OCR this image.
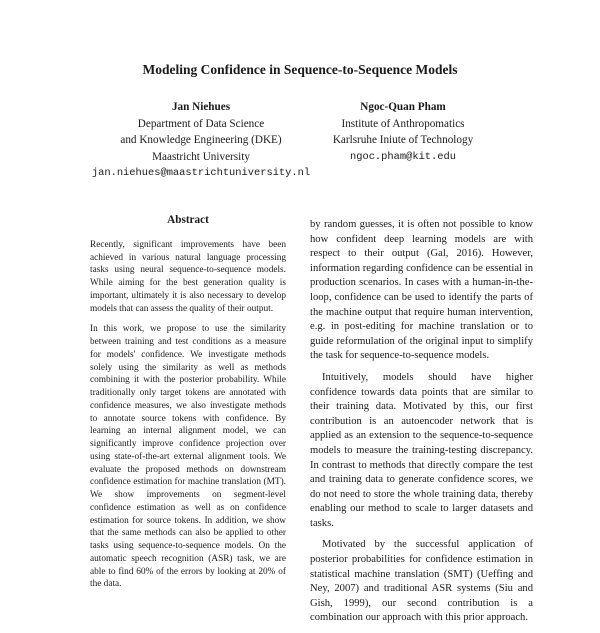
Modeling Confidence in Sequence-to-Sequence Models
Jan Niehues
Department of Data Science
and Knowledge Engineering (DKE)
Maastricht University
jan.niehues@maastrichtuniversity.nl
Ngoc-Quan Pham
Institute of Anthropomatics
Karlsruhe Iniute of Technology
ngoc.pham@kit.edu
Abstract

Recently, significant improvements have been achieved in various natural language processing tasks using neural sequence-to-sequence models. While aiming for the best generation quality is important, ultimately it is also necessary to develop models that can assess the quality of their output.

In this work, we propose to use the similarity between training and test conditions as a measure for models' confidence. We investigate methods solely using the similarity as well as methods combining it with the posterior probability. While traditionally only target tokens are annotated with confidence measures, we also investigate methods to annotate source tokens with confidence. By learning an internal alignment model, we can significantly improve confidence projection over using state-of-the-art external alignment tools. We evaluate the proposed methods on downstream confidence estimation for machine translation (MT). We show improvements on segment-level confidence estimation as well as on confidence estimation for source tokens. In addition, we show that the same methods can also be applied to other tasks using sequence-to-sequence models. On the automatic speech recognition (ASR) task, we are able to find 60% of the errors by looking at 20% of the data.

by random guesses, it is often not possible to know how confident deep learning models are with respect to their output (Gal, 2016). However, information regarding confidence can be essential in production scenarios. In cases with a human-in-the-loop, confidence can be used to identify the parts of the machine output that require human intervention, e.g. in post-editing for machine translation or to guide reformulation of the original input to simplify the task for sequence-to-sequence models.

Intuitively, models should have higher confidence towards data points that are similar to their training data. Motivated by this, our first contribution is an autoencoder network that is applied as an extension to the sequence-to-sequence models to measure the training-testing discrepancy. In contrast to methods that directly compare the test and training data to generate confidence scores, we do not need to store the whole training data, thereby enabling our method to scale to larger datasets and tasks.

Motivated by the successful application of posterior probabilities for confidence estimation in statistical machine translation (SMT) (Ueffing and Ney, 2007) and traditional ASR systems (Siu and Gish, 1999), our second contribution is a combination our approach with this prior approach.
